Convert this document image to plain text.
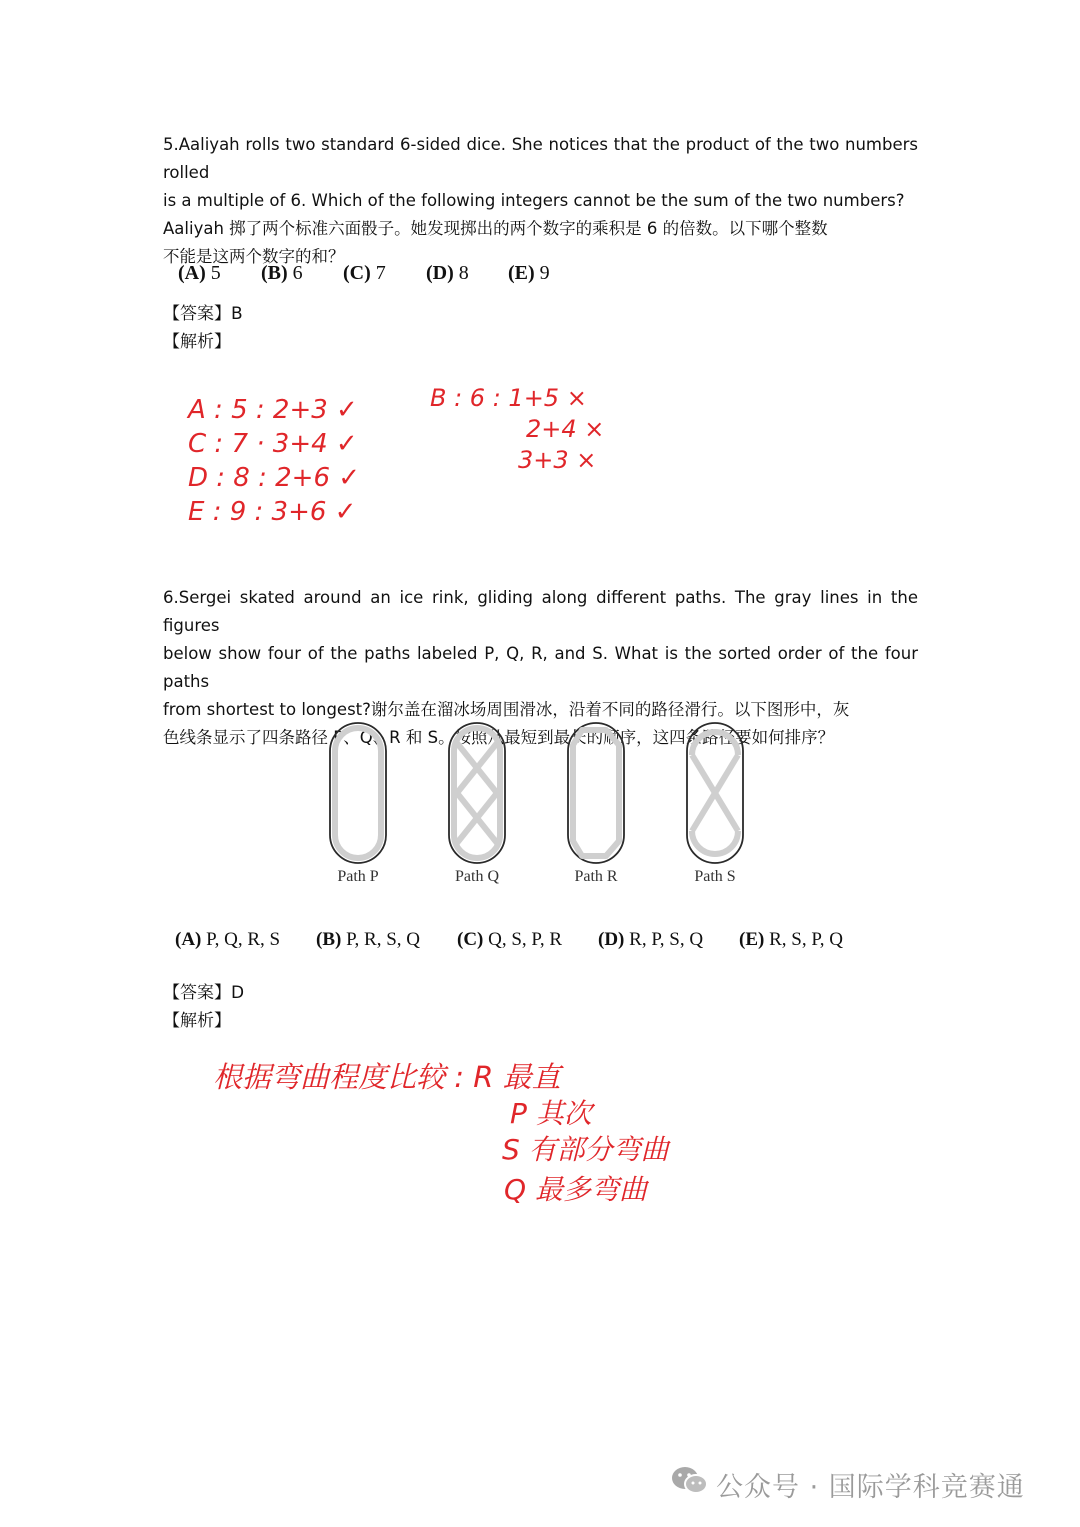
5.Aaliyah rolls two standard 6-sided dice. She notices that the product of the two numbers rolled

is a multiple of 6. Which of the following integers cannot be the sum of the two numbers?

Aaliyah 掷了两个标准六面骰子。她发现掷出的两个数字的乘积是 6 的倍数。以下哪个整数

不能是这两个数字的和？

(A) 5 (B) 6 (C) 7 (D) 8 (E) 9
【答案】B
【解析】
A : 5 : 2+3 ✓
C : 7 · 3+4 ✓
D : 8 : 2+6 ✓
E : 9 : 3+6 ✓
B : 6 : 1+5 ×
2+4 ×
3+3 ×

6.Sergei skated around an ice rink, gliding along different paths. The gray lines in the figures

below show four of the paths labeled P, Q, R, and S. What is the sorted order of the four paths

from shortest to longest?谢尔盖在溜冰场周围滑冰，沿着不同的路径滑行。以下图形中，灰

色线条显示了四条路径 P、Q、R 和 S。按照从最短到最长的顺序，这四条路径要如何排序？

Path P	Path Q	Path R	Path S
(A) P, Q, R, S (B) P, R, S, Q (C) Q, S, P, R (D) R, P, S, Q (E) R, S, P, Q
【答案】D
【解析】
根据弯曲程度比较 : R 最直
P 其次
S 有部分弯曲
Q 最多弯曲
公众号 · 国际学科竞赛通
